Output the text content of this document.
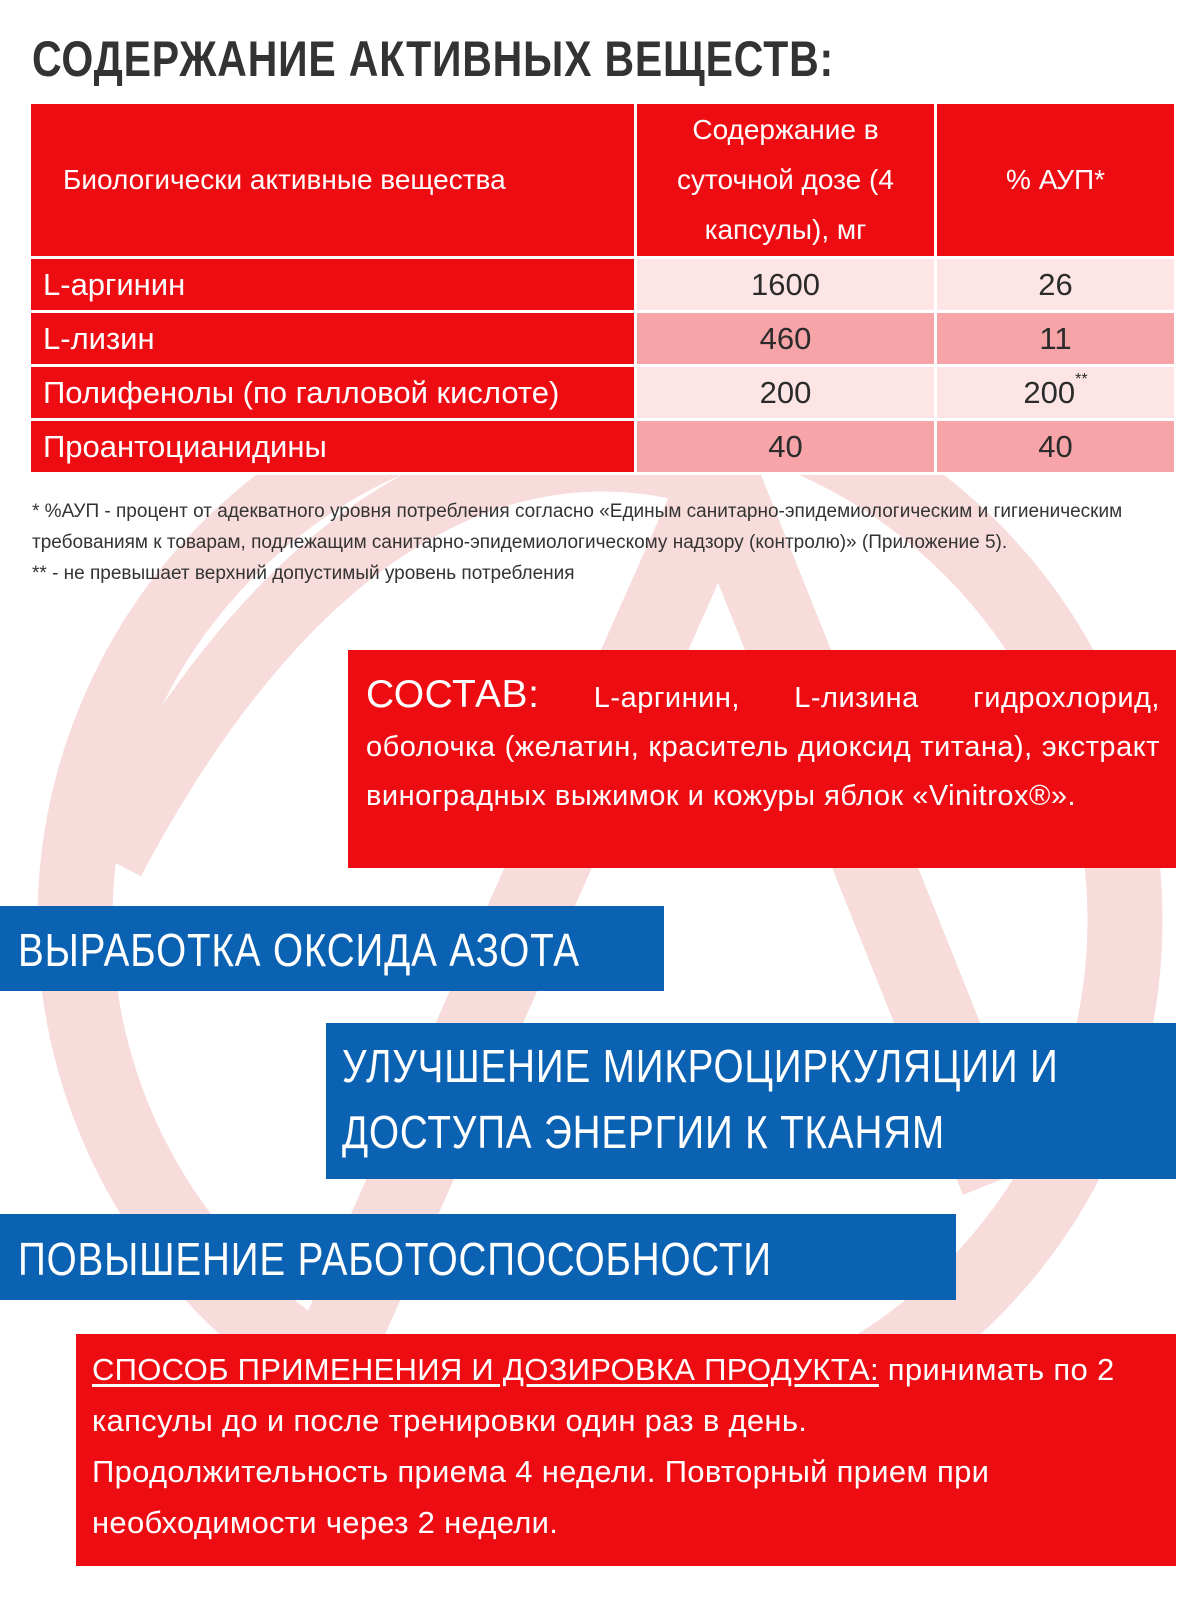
СОДЕРЖАНИЕ АКТИВНЫХ ВЕЩЕСТВ:
Биологически активные вещества	Содержание в суточной дозе (4 капсулы), мг	% АУП*
L-аргинин	1600	26
L-лизин	460	11
Полифенолы (по галловой кислоте)	200	200**
Проантоцианидины	40	40

* %АУП - процент от адекватного уровня потребления согласно «Единым санитарно-эпидемиологическим и гигиеническим требованиям к товарам, подлежащим санитарно-эпидемиологическому надзору (контролю)» (Приложение 5).

** - не превышает верхний допустимый уровень потребления

СОСТАВ: L-аргинин, L-лизина гидрохлорид, оболочка (желатин, краситель диоксид титана), экстракт виноградных выжимок и кожуры яблок «Vinitrox®».
ВЫРАБОТКА ОКСИДА АЗОТА
УЛУЧШЕНИЕ МИКРОЦИРКУЛЯЦИИ И
ДОСТУПА ЭНЕРГИИ К ТКАНЯМ
ПОВЫШЕНИЕ РАБОТОСПОСОБНОСТИ
СПОСОБ ПРИМЕНЕНИЯ И ДОЗИРОВКА ПРОДУКТА: принимать по 2
капсулы до и после тренировки один раз в день.
Продолжительность приема 4 недели. Повторный прием при
необходимости через 2 недели.
